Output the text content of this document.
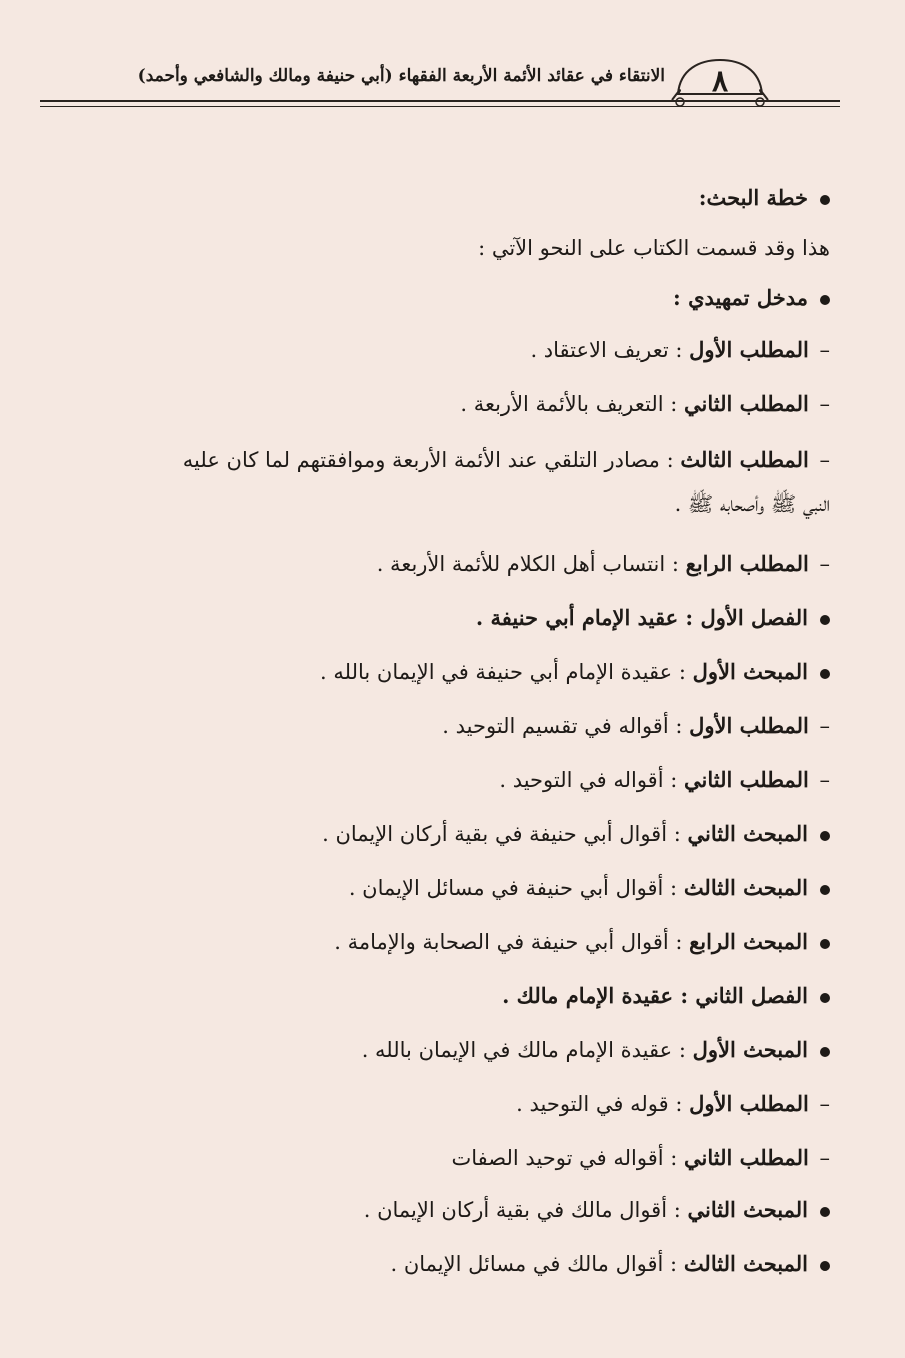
٨
الانتقاء في عقائد الأئمة الأربعة الفقهاء (أبي حنيفة ومالك والشافعي وأحمد)
خطة البحث:
هذا وقد قسمت الكتاب على النحو الآتي :
مدخل تمهيدي :
– المطلب الأول : تعريف الاعتقاد .
– المطلب الثاني : التعريف بالأئمة الأربعة .
– المطلب الثالث : مصادر التلقي عند الأئمة الأربعة وموافقتهم لما كان عليه
النبي ﷺ وأصحابه ﷺ .
– المطلب الرابع : انتساب أهل الكلام للأئمة الأربعة .
الفصل الأول : عقيد الإمام أبي حنيفة .
المبحث الأول : عقيدة الإمام أبي حنيفة في الإيمان بالله .
– المطلب الأول : أقواله في تقسيم التوحيد .
– المطلب الثاني : أقواله في التوحيد .
المبحث الثاني : أقوال أبي حنيفة في بقية أركان الإيمان .
المبحث الثالث : أقوال أبي حنيفة في مسائل الإيمان .
المبحث الرابع : أقوال أبي حنيفة في الصحابة والإمامة .
الفصل الثاني : عقيدة الإمام مالك .
المبحث الأول : عقيدة الإمام مالك في الإيمان بالله .
– المطلب الأول : قوله في التوحيد .
– المطلب الثاني : أقواله في توحيد الصفات
المبحث الثاني : أقوال مالك في بقية أركان الإيمان .
المبحث الثالث : أقوال مالك في مسائل الإيمان .
